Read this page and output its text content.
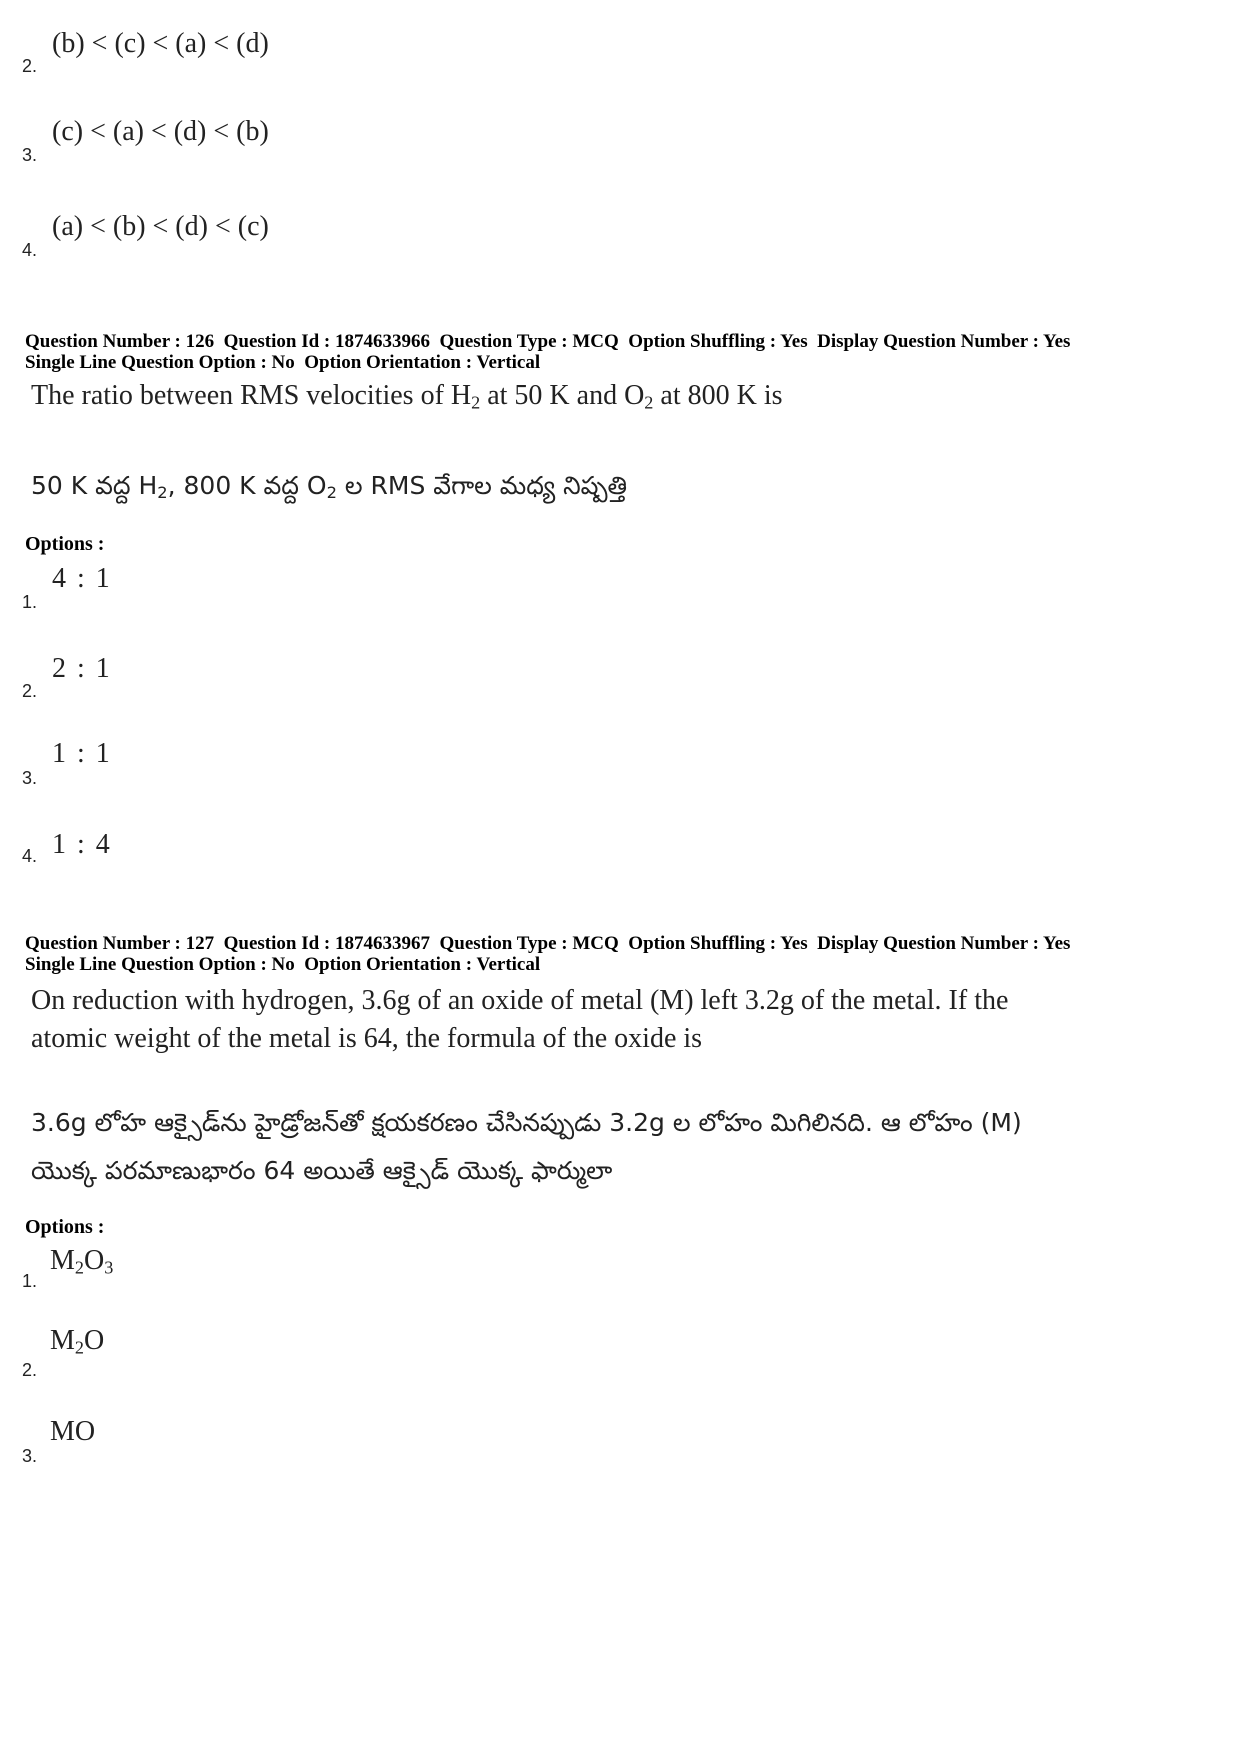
(b) < (c) < (a) < (d)
2.
(c) < (a) < (d) < (b)
3.
(a) < (b) < (d) < (c)
4.
Question Number : 126  Question Id : 1874633966  Question Type : MCQ  Option Shuffling : Yes  Display Question Number : Yes
Single Line Question Option : No  Option Orientation : Vertical
The ratio between RMS velocities of $H_2$ at 50 K and $O_2$ at 800 K is
50 K వద్ద $H_2$, 800 K వద్ద $O_2$ ల RMS వేగాల మధ్య నిష్పత్తి
Options :
4 : 1
1.
2 : 1
2.
1 : 1
3.
1 : 4
4.
Question Number : 127  Question Id : 1874633967  Question Type : MCQ  Option Shuffling : Yes  Display Question Number : Yes
Single Line Question Option : No  Option Orientation : Vertical
On reduction with hydrogen, 3.6g of an oxide of metal (M) left 3.2g of the metal. If the
atomic weight of the metal is 64, the formula of the oxide is
3.6g లోహ ఆక్సైడ్‌ను హైడ్రోజన్‌తో క్షయకరణం చేసినప్పుడు 3.2g ల లోహం మిగిలినది. ఆ లోహం (M)
యొక్క పరమాణుభారం 64 అయితే ఆక్సైడ్ యొక్క ఫార్ములా
Options :
$M_2O_3$
1.
$M_2O$
2.
MO
3.
